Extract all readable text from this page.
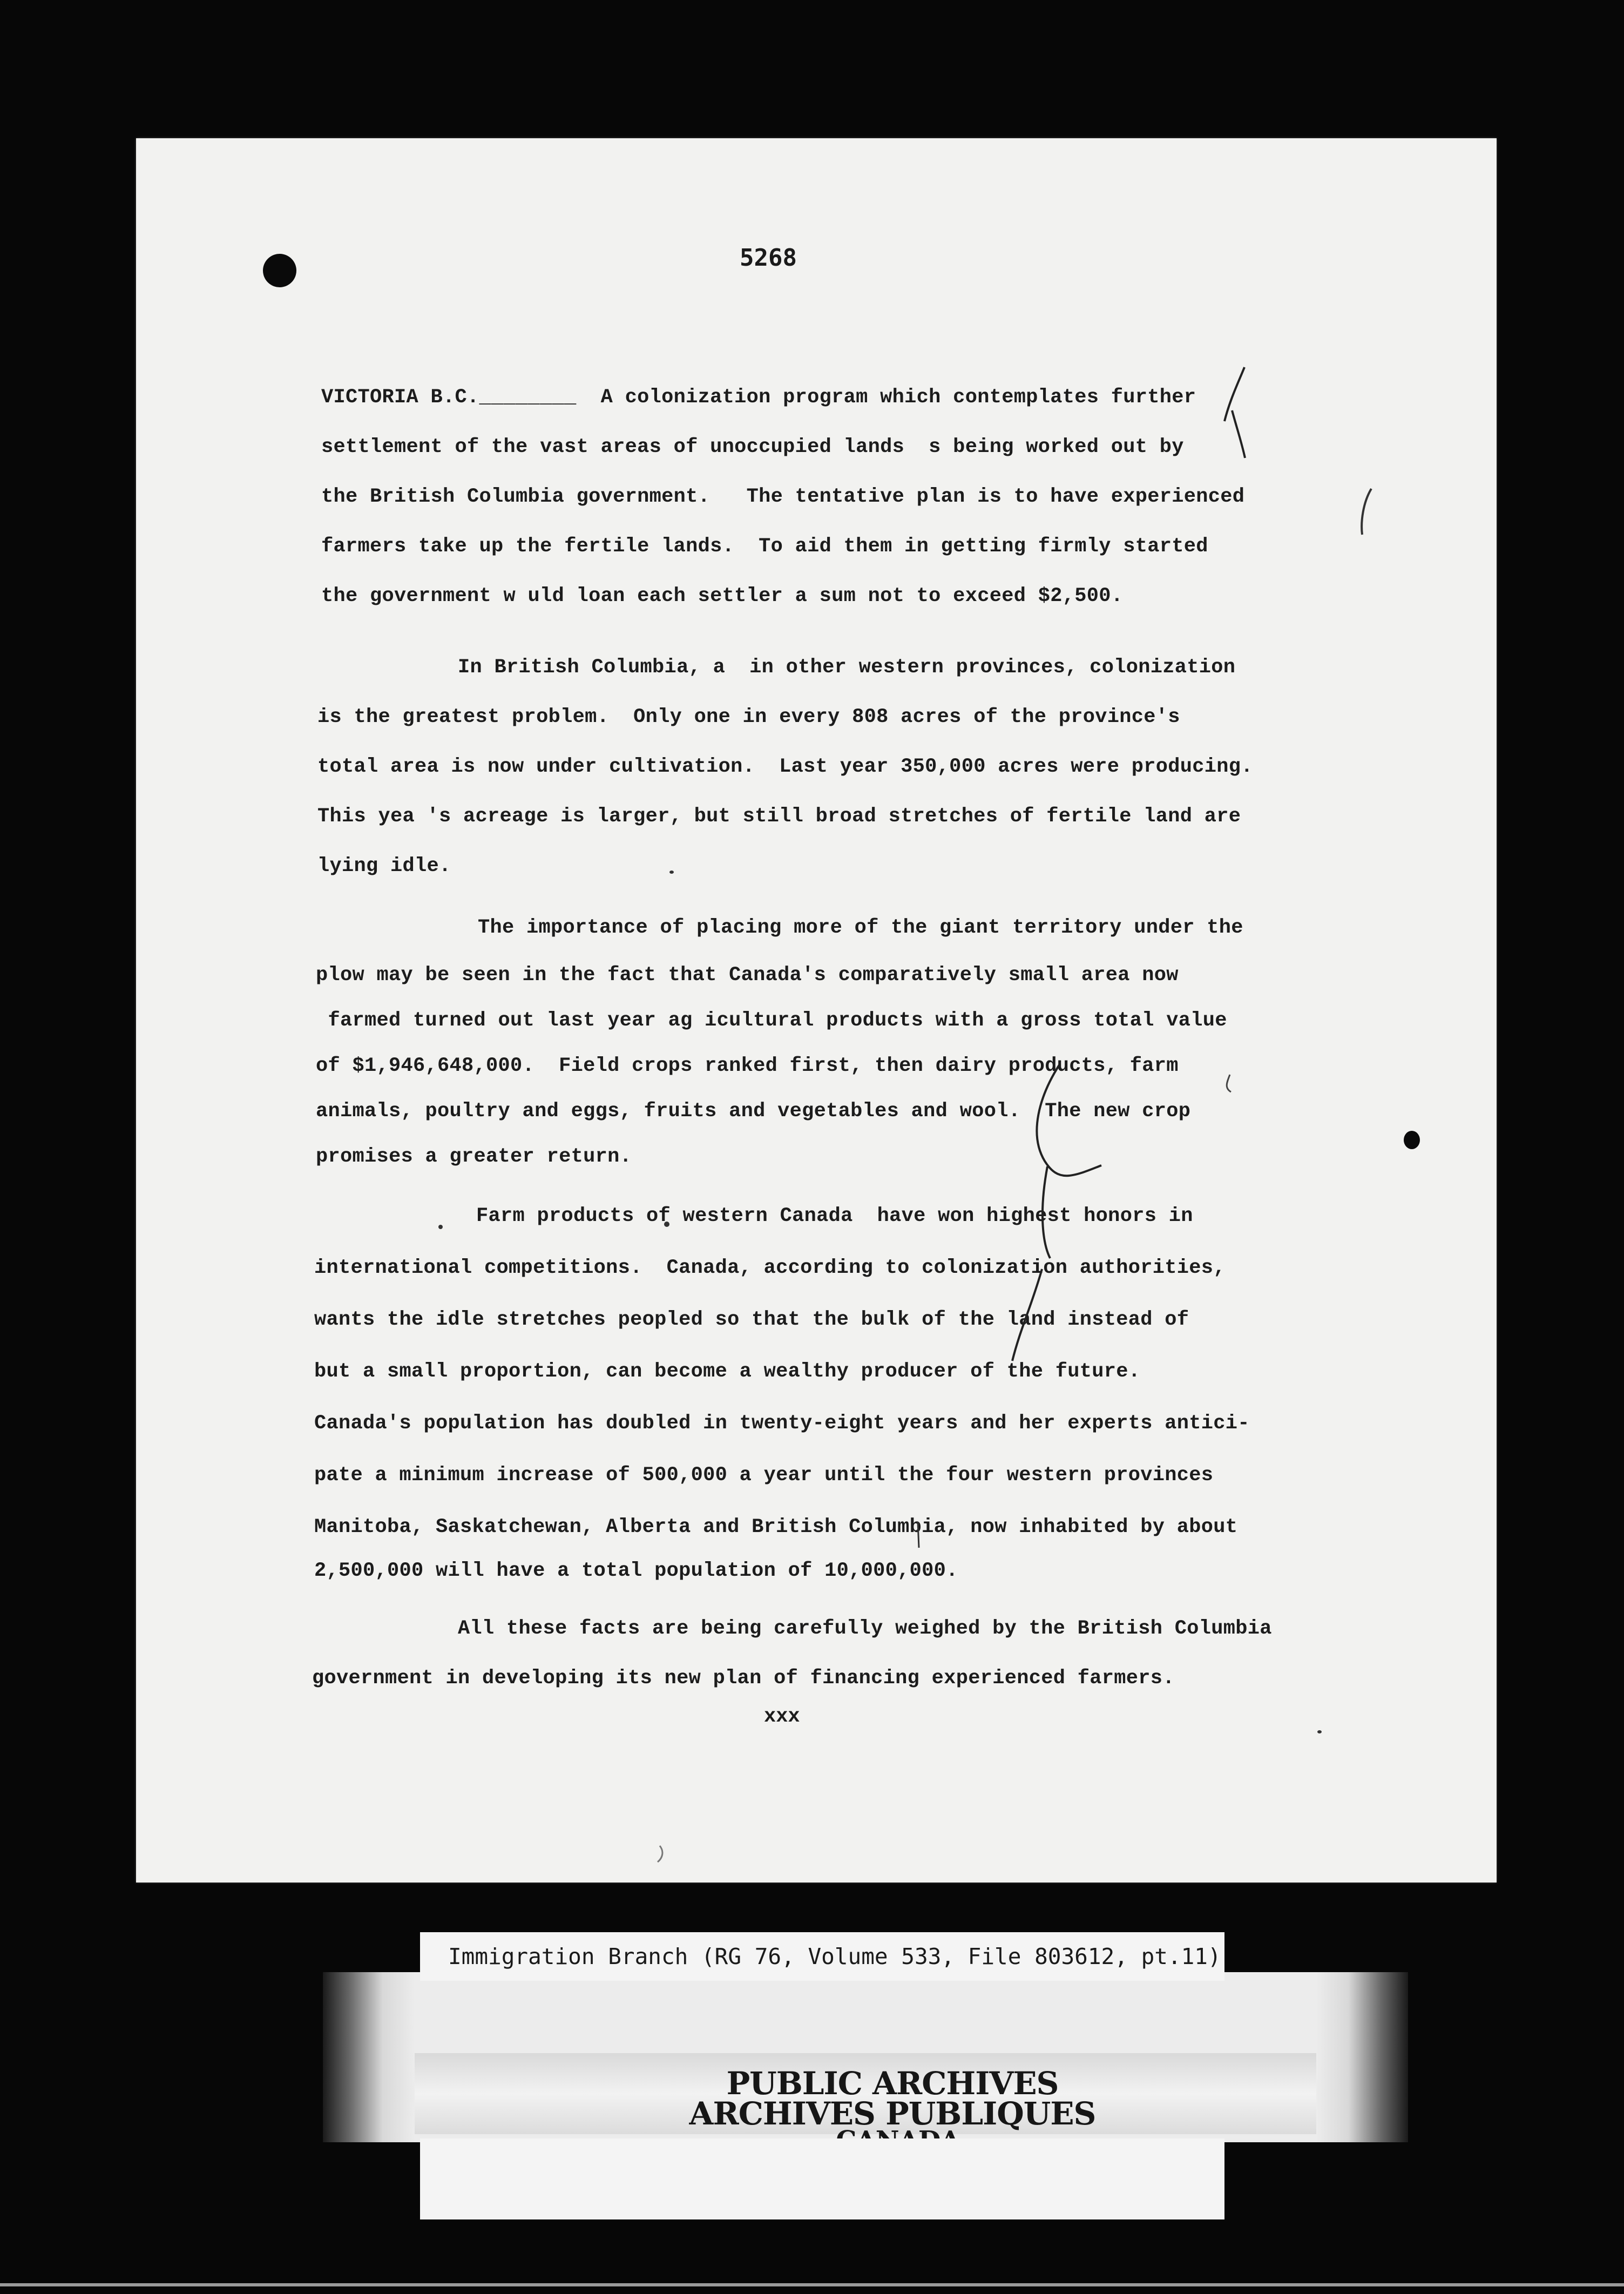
5268

VICTORIA B.C.________  A colonization program which contemplates further

settlement of the vast areas of unoccupied lands  s being worked out by

the British Columbia government.   The tentative plan is to have experienced

farmers take up the fertile lands.  To aid them in getting firmly started

the government w uld loan each settler a sum not to exceed $2,500.

In British Columbia, a  in other western provinces, colonization

is the greatest problem.  Only one in every 808 acres of the province's

total area is now under cultivation.  Last year 350,000 acres were producing.

This yea 's acreage is larger, but still broad stretches of fertile land are

lying idle.

The importance of placing more of the giant territory under the

plow may be seen in the fact that Canada's comparatively small area now

farmed turned out last year ag icultural products with a gross total value

of $1,946,648,000.  Field crops ranked first, then dairy products, farm

animals, poultry and eggs, fruits and vegetables and wool.  The new crop

promises a greater return.

Farm products of western Canada  have won highest honors in

international competitions.  Canada, according to colonization authorities,

wants the idle stretches peopled so that the bulk of the land instead of

but a small proportion, can become a wealthy producer of the future.

Canada's population has doubled in twenty-eight years and her experts antici-

pate a minimum increase of 500,000 a year until the four western provinces

Manitoba, Saskatchewan, Alberta and British Columbia, now inhabited by about

2,500,000 will have a total population of 10,000,000.

All these facts are being carefully weighed by the British Columbia

government in developing its new plan of financing experienced farmers.

xxx
PUBLIC ARCHIVES
ARCHIVES PUBLIQUES
Immigration Branch (RG 76, Volume 533, File 803612, pt.11)
